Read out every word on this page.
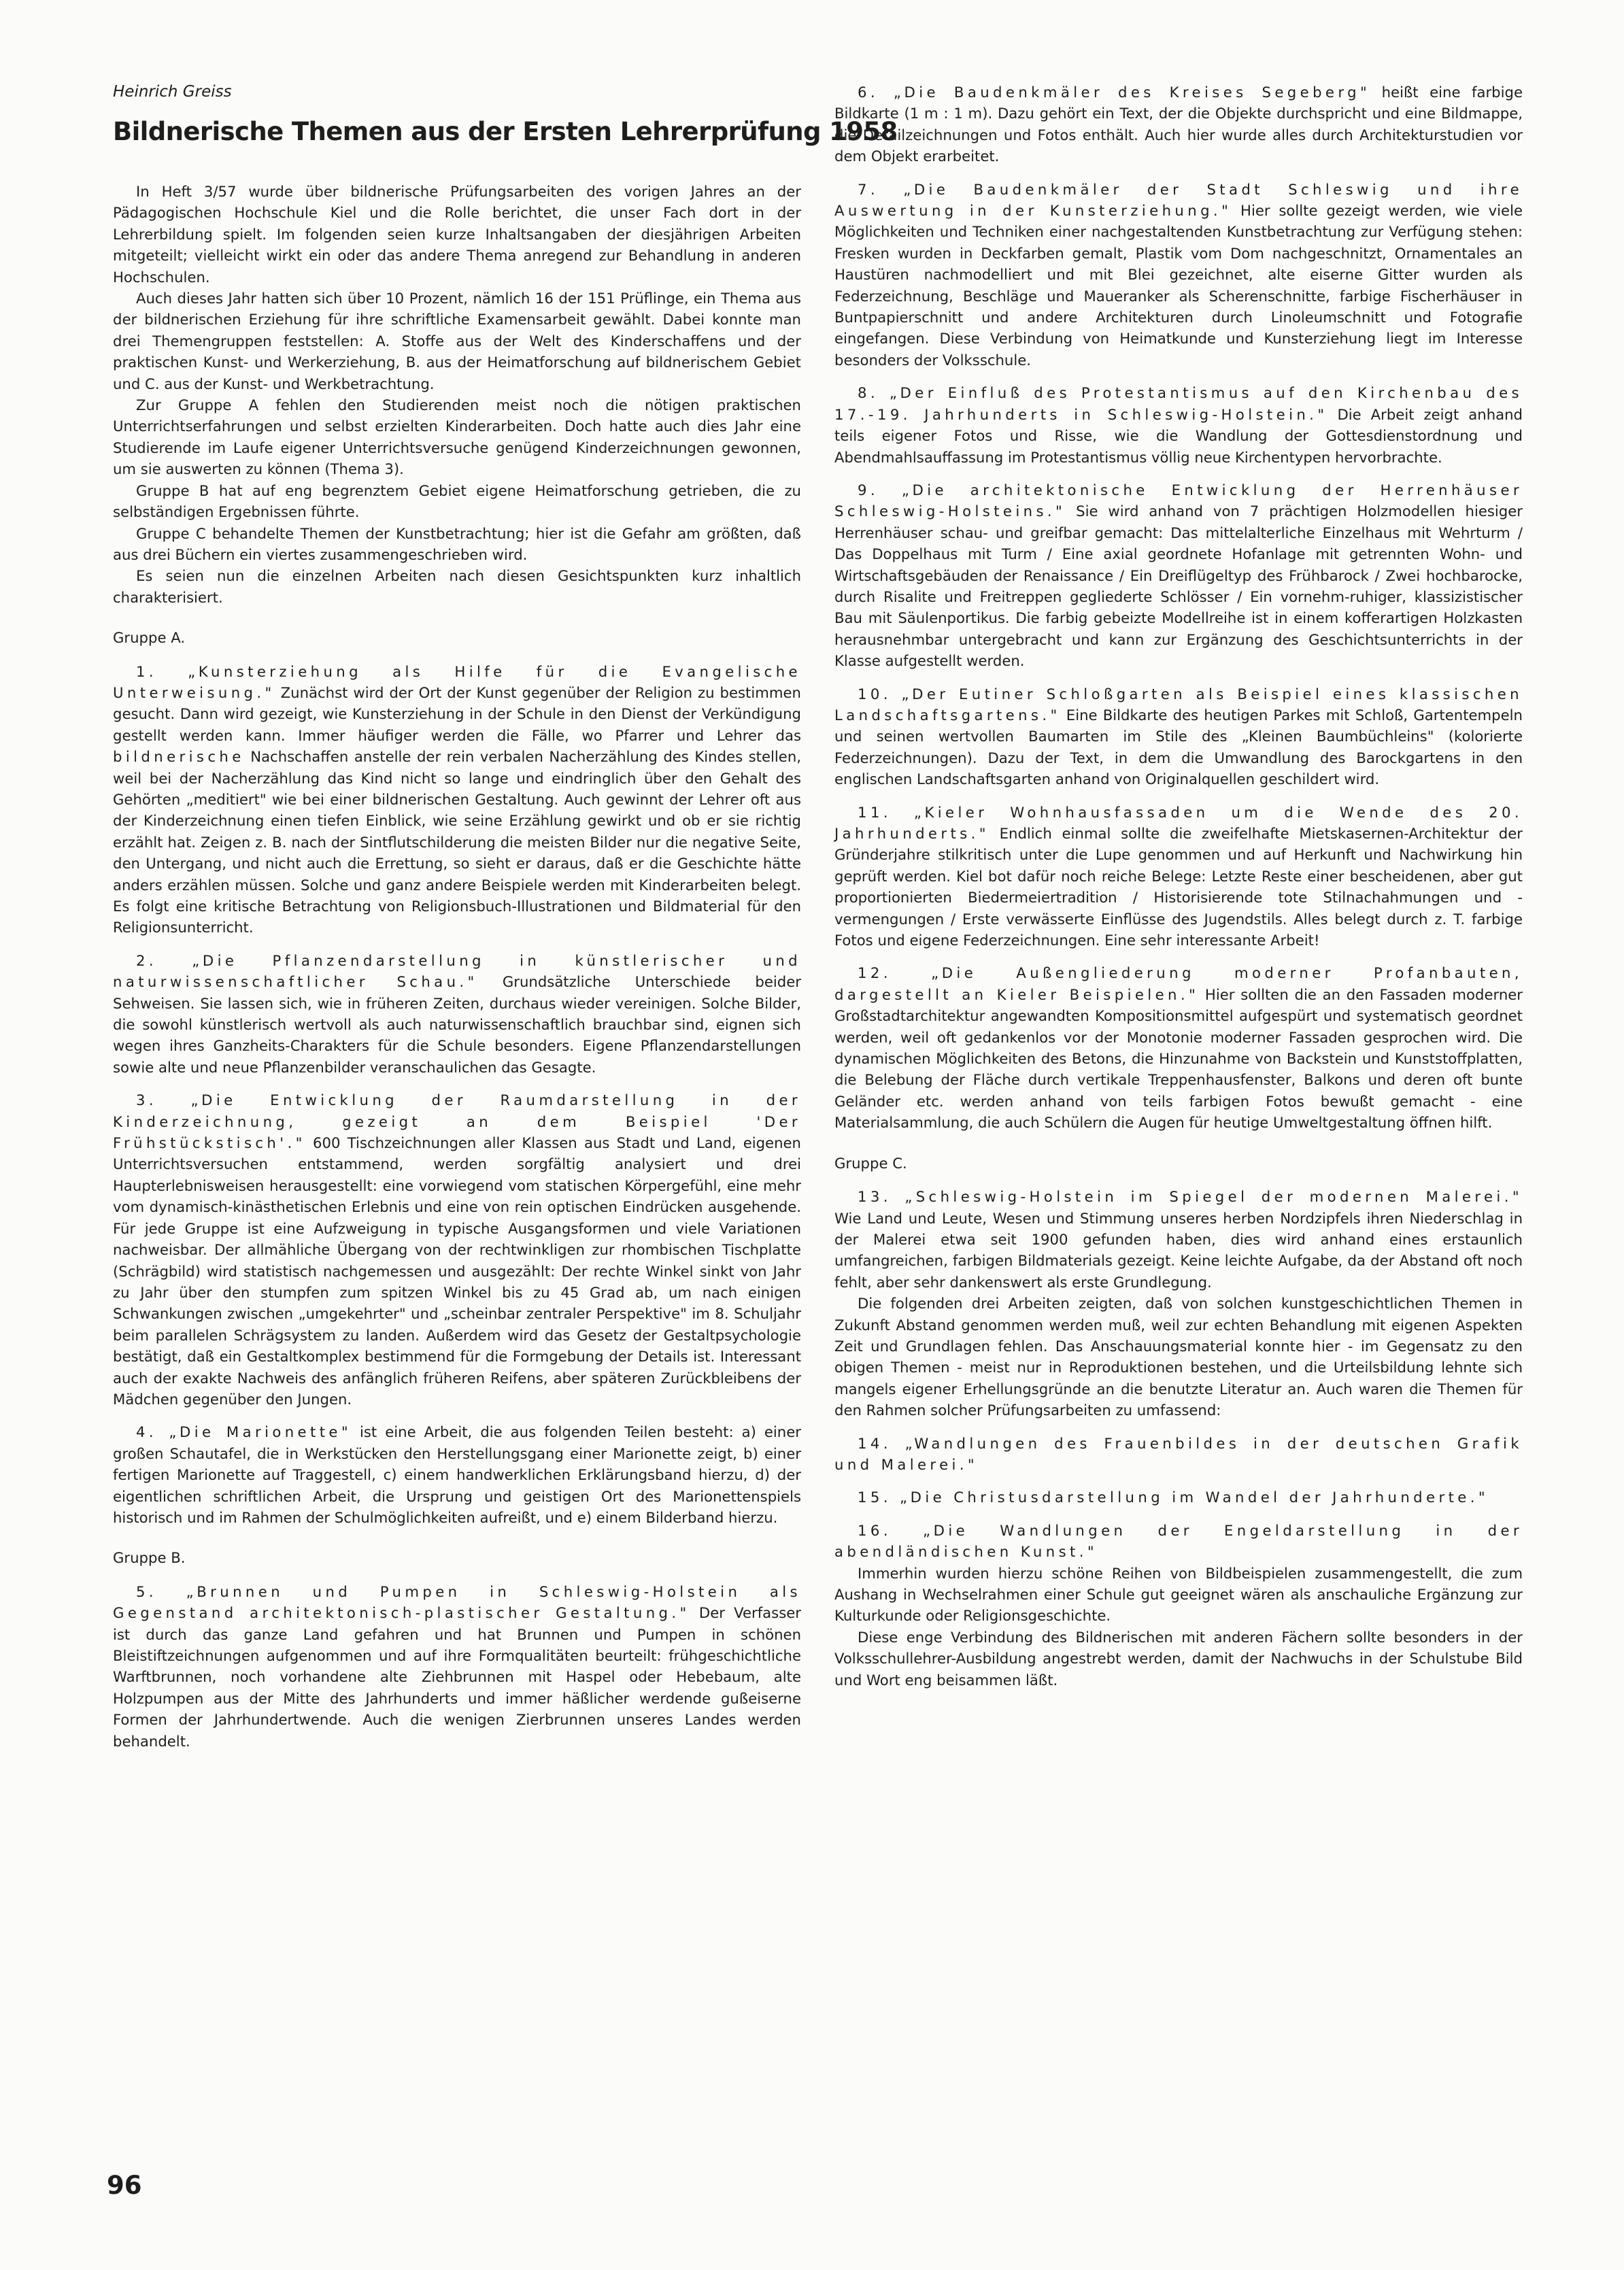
Heinrich Greiss

Bildnerische Themen aus der Ersten Lehrerprüfung 1958

In Heft 3/57 wurde über bildnerische Prüfungsarbeiten des vorigen Jahres an der Pädagogischen Hochschule Kiel und die Rolle berichtet, die unser Fach dort in der Lehrerbildung spielt. Im folgenden seien kurze Inhaltsangaben der diesjährigen Arbeiten mitgeteilt; vielleicht wirkt ein oder das andere Thema anregend zur Behandlung in anderen Hochschulen.

Auch dieses Jahr hatten sich über 10 Prozent, nämlich 16 der 151 Prüflinge, ein Thema aus der bildnerischen Erziehung für ihre schriftliche Examensarbeit gewählt. Dabei konnte man drei Themengruppen feststellen: A. Stoffe aus der Welt des Kinderschaffens und der praktischen Kunst- und Werkerziehung, B. aus der Heimatforschung auf bildnerischem Gebiet und C. aus der Kunst- und Werkbetrachtung.

Zur Gruppe A fehlen den Studierenden meist noch die nötigen praktischen Unterrichtserfahrungen und selbst erzielten Kinderarbeiten. Doch hatte auch dies Jahr eine Studierende im Laufe eigener Unterrichtsversuche genügend Kinderzeichnungen gewonnen, um sie auswerten zu können (Thema 3).

Gruppe B hat auf eng begrenztem Gebiet eigene Heimatforschung getrieben, die zu selbständigen Ergebnissen führte.

Gruppe C behandelte Themen der Kunstbetrachtung; hier ist die Gefahr am größten, daß aus drei Büchern ein viertes zusammengeschrieben wird.

Es seien nun die einzelnen Arbeiten nach diesen Gesichtspunkten kurz inhaltlich charakterisiert.

Gruppe A.

1. „Kunsterziehung als Hilfe für die Evangelische Unterweisung." Zunächst wird der Ort der Kunst gegenüber der Religion zu bestimmen gesucht. Dann wird gezeigt, wie Kunsterziehung in der Schule in den Dienst der Verkündigung gestellt werden kann. Immer häufiger werden die Fälle, wo Pfarrer und Lehrer das bildnerische Nachschaffen anstelle der rein verbalen Nacherzählung des Kindes stellen, weil bei der Nacherzählung das Kind nicht so lange und eindringlich über den Gehalt des Gehörten „meditiert" wie bei einer bildnerischen Gestaltung. Auch gewinnt der Lehrer oft aus der Kinderzeichnung einen tiefen Einblick, wie seine Erzählung gewirkt und ob er sie richtig erzählt hat. Zeigen z. B. nach der Sintflutschilderung die meisten Bilder nur die negative Seite, den Untergang, und nicht auch die Errettung, so sieht er daraus, daß er die Geschichte hätte anders erzählen müssen. Solche und ganz andere Beispiele werden mit Kinderarbeiten belegt. Es folgt eine kritische Betrachtung von Religionsbuch-Illustrationen und Bildmaterial für den Religionsunterricht.

2. „Die Pflanzendarstellung in künstlerischer und naturwissenschaftlicher Schau." Grundsätzliche Unterschiede beider Sehweisen. Sie lassen sich, wie in früheren Zeiten, durchaus wieder vereinigen. Solche Bilder, die sowohl künstlerisch wertvoll als auch naturwissenschaftlich brauchbar sind, eignen sich wegen ihres Ganzheits-Charakters für die Schule besonders. Eigene Pflanzendarstellungen sowie alte und neue Pflanzenbilder veranschaulichen das Gesagte.

3. „Die Entwicklung der Raumdarstellung in der Kinderzeichnung, gezeigt an dem Beispiel 'Der Frühstückstisch'." 600 Tischzeichnungen aller Klassen aus Stadt und Land, eigenen Unterrichtsversuchen entstammend, werden sorgfältig analysiert und drei Haupterlebnisweisen herausgestellt: eine vorwiegend vom statischen Körpergefühl, eine mehr vom dynamisch-kinästhetischen Erlebnis und eine von rein optischen Eindrücken ausgehende. Für jede Gruppe ist eine Aufzweigung in typische Ausgangsformen und viele Variationen nachweisbar. Der allmähliche Übergang von der rechtwinkligen zur rhombischen Tischplatte (Schrägbild) wird statistisch nachgemessen und ausgezählt: Der rechte Winkel sinkt von Jahr zu Jahr über den stumpfen zum spitzen Winkel bis zu 45 Grad ab, um nach einigen Schwankungen zwischen „umgekehrter" und „scheinbar zentraler Perspektive" im 8. Schuljahr beim parallelen Schrägsystem zu landen. Außerdem wird das Gesetz der Gestaltpsychologie bestätigt, daß ein Gestaltkomplex bestimmend für die Formgebung der Details ist. Interessant auch der exakte Nachweis des anfänglich früheren Reifens, aber späteren Zurückbleibens der Mädchen gegenüber den Jungen.

4. „Die Marionette" ist eine Arbeit, die aus folgenden Teilen besteht: a) einer großen Schautafel, die in Werkstücken den Herstellungsgang einer Marionette zeigt, b) einer fertigen Marionette auf Traggestell, c) einem handwerklichen Erklärungsband hierzu, d) der eigentlichen schriftlichen Arbeit, die Ursprung und geistigen Ort des Marionettenspiels historisch und im Rahmen der Schulmöglichkeiten aufreißt, und e) einem Bilderband hierzu.

Gruppe B.

5. „Brunnen und Pumpen in Schleswig-Holstein als Gegenstand architektonisch-plastischer Gestaltung." Der Verfasser ist durch das ganze Land gefahren und hat Brunnen und Pumpen in schönen Bleistiftzeichnungen aufgenommen und auf ihre Formqualitäten beurteilt: frühgeschichtliche Warftbrunnen, noch vorhandene alte Ziehbrunnen mit Haspel oder Hebebaum, alte Holzpumpen aus der Mitte des Jahrhunderts und immer häßlicher werdende gußeiserne Formen der Jahrhundertwende. Auch die wenigen Zierbrunnen unseres Landes werden behandelt.

6. „Die Baudenkmäler des Kreises Segeberg" heißt eine farbige Bildkarte (1 m : 1 m). Dazu gehört ein Text, der die Objekte durchspricht und eine Bildmappe, die Detailzeichnungen und Fotos enthält. Auch hier wurde alles durch Architekturstudien vor dem Objekt erarbeitet.

7. „Die Baudenkmäler der Stadt Schleswig und ihre Auswertung in der Kunsterziehung." Hier sollte gezeigt werden, wie viele Möglichkeiten und Techniken einer nachgestaltenden Kunstbetrachtung zur Verfügung stehen: Fresken wurden in Deckfarben gemalt, Plastik vom Dom nachgeschnitzt, Ornamentales an Haustüren nachmodelliert und mit Blei gezeichnet, alte eiserne Gitter wurden als Federzeichnung, Beschläge und Maueranker als Scherenschnitte, farbige Fischerhäuser in Buntpapierschnitt und andere Architekturen durch Linoleumschnitt und Fotografie eingefangen. Diese Verbindung von Heimatkunde und Kunsterziehung liegt im Interesse besonders der Volksschule.

8. „Der Einfluß des Protestantismus auf den Kirchenbau des 17.-19. Jahrhunderts in Schleswig-Holstein." Die Arbeit zeigt anhand teils eigener Fotos und Risse, wie die Wandlung der Gottesdienstordnung und Abendmahlsauffassung im Protestantismus völlig neue Kirchentypen hervorbrachte.

9. „Die architektonische Entwicklung der Herrenhäuser Schleswig-Holsteins." Sie wird anhand von 7 prächtigen Holzmodellen hiesiger Herrenhäuser schau- und greifbar gemacht: Das mittelalterliche Einzelhaus mit Wehrturm / Das Doppelhaus mit Turm / Eine axial geordnete Hofanlage mit getrennten Wohn- und Wirtschaftsgebäuden der Renaissance / Ein Dreiflügeltyp des Frühbarock / Zwei hochbarocke, durch Risalite und Freitreppen gegliederte Schlösser / Ein vornehm-ruhiger, klassizistischer Bau mit Säulenportikus. Die farbig gebeizte Modellreihe ist in einem kofferartigen Holzkasten herausnehmbar untergebracht und kann zur Ergänzung des Geschichtsunterrichts in der Klasse aufgestellt werden.

10. „Der Eutiner Schloßgarten als Beispiel eines klassischen Landschaftsgartens." Eine Bildkarte des heutigen Parkes mit Schloß, Gartentempeln und seinen wertvollen Baumarten im Stile des „Kleinen Baumbüchleins" (kolorierte Federzeichnungen). Dazu der Text, in dem die Umwandlung des Barockgartens in den englischen Landschaftsgarten anhand von Originalquellen geschildert wird.

11. „Kieler Wohnhausfassaden um die Wende des 20. Jahrhunderts." Endlich einmal sollte die zweifelhafte Mietskasernen-Architektur der Gründerjahre stilkritisch unter die Lupe genommen und auf Herkunft und Nachwirkung hin geprüft werden. Kiel bot dafür noch reiche Belege: Letzte Reste einer bescheidenen, aber gut proportionierten Biedermeiertradition / Historisierende tote Stilnachahmungen und -vermengungen / Erste verwässerte Einflüsse des Jugendstils. Alles belegt durch z. T. farbige Fotos und eigene Federzeichnungen. Eine sehr interessante Arbeit!

12. „Die Außengliederung moderner Profanbauten, dargestellt an Kieler Beispielen." Hier sollten die an den Fassaden moderner Großstadtarchitektur angewandten Kompositionsmittel aufgespürt und systematisch geordnet werden, weil oft gedankenlos vor der Monotonie moderner Fassaden gesprochen wird. Die dynamischen Möglichkeiten des Betons, die Hinzunahme von Backstein und Kunststoffplatten, die Belebung der Fläche durch vertikale Treppenhausfenster, Balkons und deren oft bunte Geländer etc. werden anhand von teils farbigen Fotos bewußt gemacht - eine Materialsammlung, die auch Schülern die Augen für heutige Umweltgestaltung öffnen hilft.

Gruppe C.

13. „Schleswig-Holstein im Spiegel der modernen Malerei." Wie Land und Leute, Wesen und Stimmung unseres herben Nordzipfels ihren Niederschlag in der Malerei etwa seit 1900 gefunden haben, dies wird anhand eines erstaunlich umfangreichen, farbigen Bildmaterials gezeigt. Keine leichte Aufgabe, da der Abstand oft noch fehlt, aber sehr dankenswert als erste Grundlegung.

Die folgenden drei Arbeiten zeigten, daß von solchen kunstgeschichtlichen Themen in Zukunft Abstand genommen werden muß, weil zur echten Behandlung mit eigenen Aspekten Zeit und Grundlagen fehlen. Das Anschauungsmaterial konnte hier - im Gegensatz zu den obigen Themen - meist nur in Reproduktionen bestehen, und die Urteilsbildung lehnte sich mangels eigener Erhellungsgründe an die benutzte Literatur an. Auch waren die Themen für den Rahmen solcher Prüfungsarbeiten zu umfassend:

14. „Wandlungen des Frauenbildes in der deutschen Grafik und Malerei."

15. „Die Christusdarstellung im Wandel der Jahrhunderte."

16. „Die Wandlungen der Engeldarstellung in der abendländischen Kunst."

Immerhin wurden hierzu schöne Reihen von Bildbeispielen zusammengestellt, die zum Aushang in Wechselrahmen einer Schule gut geeignet wären als anschauliche Ergänzung zur Kulturkunde oder Religionsgeschichte.

Diese enge Verbindung des Bildnerischen mit anderen Fächern sollte besonders in der Volksschullehrer-Ausbildung angestrebt werden, damit der Nachwuchs in der Schulstube Bild und Wort eng beisammen läßt.

96
